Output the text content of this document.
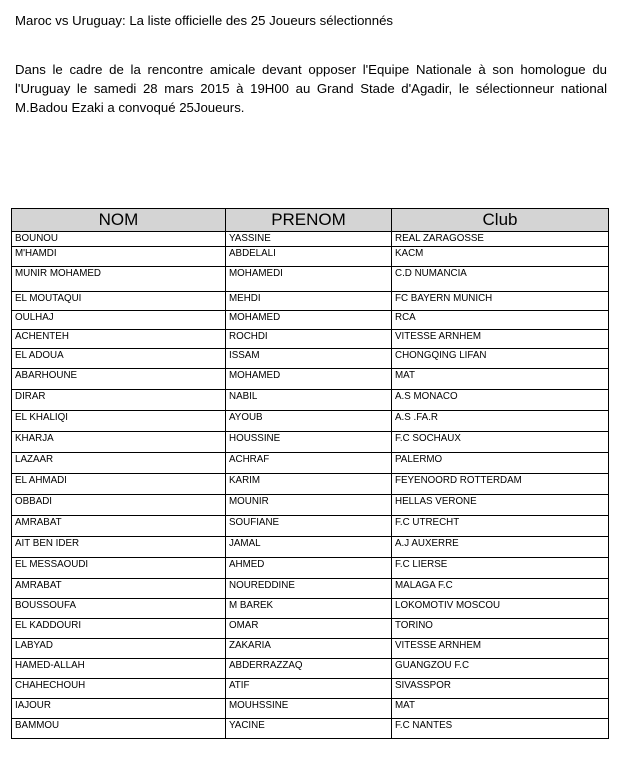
Maroc vs Uruguay: La liste officielle des 25 Joueurs sélectionnés
Dans le cadre de la rencontre amicale devant opposer l'Equipe Nationale à son homologue du l'Uruguay le samedi 28 mars 2015 à 19H00 au Grand Stade d'Agadir, le sélectionneur national M.Badou Ezaki a convoqué 25Joueurs.
NOM	PRENOM	Club
BOUNOU	YASSINE	REAL ZARAGOSSE
M'HAMDI	ABDELALI	KACM
MUNIR MOHAMED	MOHAMEDI	C.D NUMANCIA
EL MOUTAQUI	MEHDI	FC BAYERN MUNICH
OULHAJ	MOHAMED	RCA
ACHENTEH	ROCHDI	VITESSE ARNHEM
EL ADOUA	ISSAM	CHONGQING LIFAN
ABARHOUNE	MOHAMED	MAT
DIRAR	NABIL	A.S MONACO
EL KHALIQI	AYOUB	A.S .FA.R
KHARJA	HOUSSINE	F.C SOCHAUX
LAZAAR	ACHRAF	PALERMO
EL AHMADI	KARIM	FEYENOORD ROTTERDAM
OBBADI	MOUNIR	HELLAS VERONE
AMRABAT	SOUFIANE	F.C UTRECHT
AIT BEN IDER	JAMAL	A.J AUXERRE
EL MESSAOUDI	AHMED	F.C LIERSE
AMRABAT	NOUREDDINE	MALAGA F.C
BOUSSOUFA	M BAREK	LOKOMOTIV MOSCOU
EL KADDOURI	OMAR	TORINO
LABYAD	ZAKARIA	VITESSE ARNHEM
HAMED-ALLAH	ABDERRAZZAQ	GUANGZOU F.C
CHAHECHOUH	ATIF	SIVASSPOR
IAJOUR	MOUHSSINE	MAT
BAMMOU	YACINE	F.C NANTES
